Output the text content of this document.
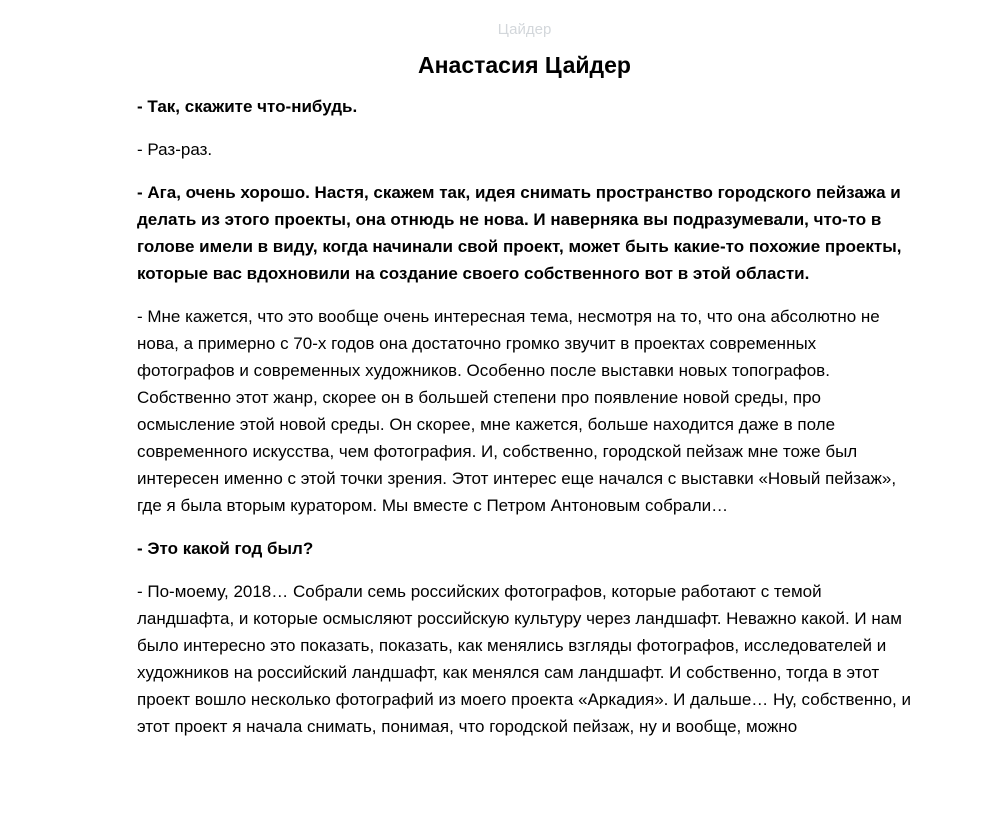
Цайдер
Анастасия Цайдер

- Так, скажите что-нибудь.

- Раз-раз.

- Ага, очень хорошо. Настя, скажем так, идея снимать пространство городского пейзажа и делать из этого проекты, она отнюдь не нова. И наверняка вы подразумевали, что-то в голове имели в виду, когда начинали свой проект, может быть какие-то похожие проекты, которые вас вдохновили на создание своего собственного вот в этой области.

- Мне кажется, что это вообще очень интересная тема, несмотря на то, что она абсолютно не нова, а примерно с 70-х годов она достаточно громко звучит в проектах современных фотографов и современных художников. Особенно после выставки новых топографов. Собственно этот жанр, скорее он в большей степени про появление новой среды, про осмысление этой новой среды. Он скорее, мне кажется, больше находится даже в поле современного искусства, чем фотография. И, собственно, городской пейзаж мне тоже был интересен именно с этой точки зрения. Этот интерес еще начался с выставки «Новый пейзаж», где я была вторым куратором. Мы вместе с Петром Антоновым собрали…

- Это какой год был?

- По-моему, 2018… Собрали семь российских фотографов, которые работают с темой ландшафта, и которые осмысляют российскую культуру через ландшафт. Неважно какой. И нам было интересно это показать, показать, как менялись взгляды фотографов, исследователей и художников на российский ландшафт, как менялся сам ландшафт. И собственно, тогда в этот проект вошло несколько фотографий из моего проекта «Аркадия». И дальше… Ну, собственно, и этот проект я начала снимать, понимая, что городской пейзаж, ну и вообще, можно
